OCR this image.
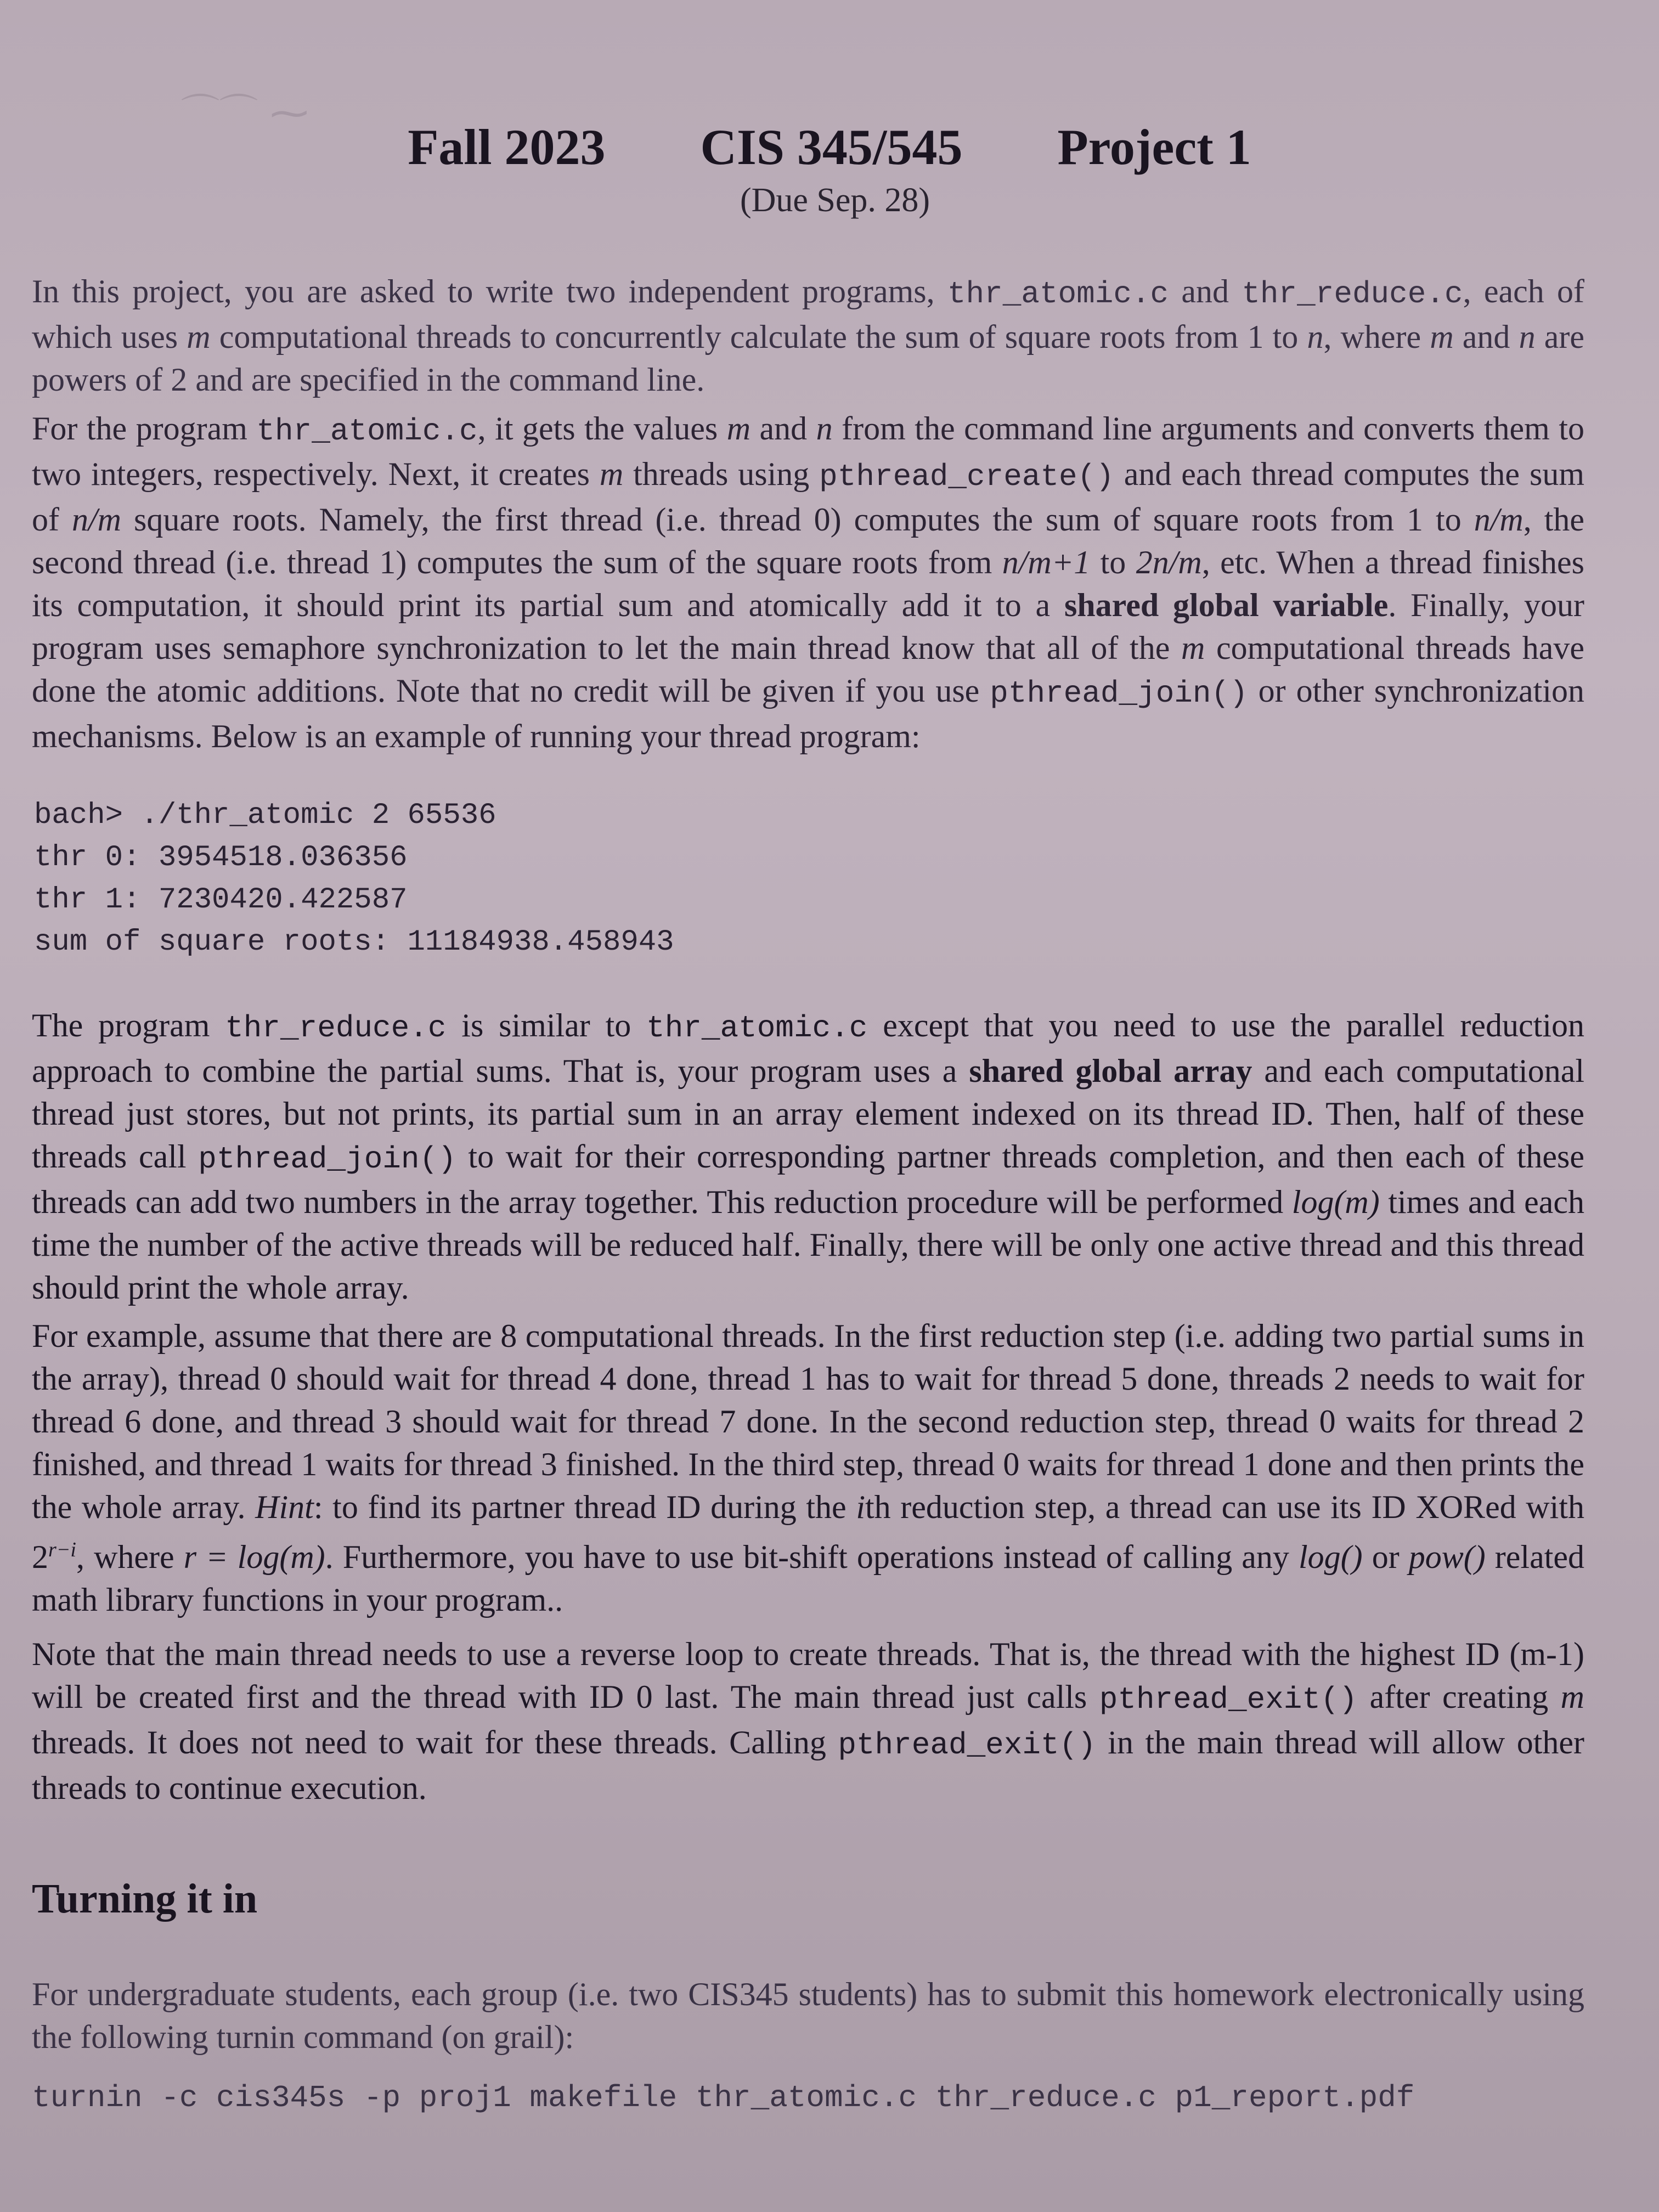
⌒⌒ ⁓
Fall 2023 CIS 345/545 Project 1
(Due Sep. 28)

In this project, you are asked to write two independent programs, thr_atomic.c and thr_reduce.c, each of which uses m computational threads to concurrently calculate the sum of square roots from 1 to n, where m and n are powers of 2 and are specified in the command line.

For the program thr_atomic.c, it gets the values m and n from the command line arguments and converts them to two integers, respectively. Next, it creates m threads using pthread_create() and each thread computes the sum of n/m square roots. Namely, the first thread (i.e. thread 0) computes the sum of square roots from 1 to n/m, the second thread (i.e. thread 1) computes the sum of the square roots from n/m+1 to 2n/m, etc. When a thread finishes its computation, it should print its partial sum and atomically add it to a shared global variable. Finally, your program uses semaphore synchronization to let the main thread know that all of the m computational threads have done the atomic additions. Note that no credit will be given if you use pthread_join() or other synchronization mechanisms. Below is an example of running your thread program:

bach> ./thr_atomic 2 65536
thr 0: 3954518.036356
thr 1: 7230420.422587
sum of square roots: 11184938.458943

The program thr_reduce.c is similar to thr_atomic.c except that you need to use the parallel reduction approach to combine the partial sums. That is, your program uses a shared global array and each computational thread just stores, but not prints, its partial sum in an array element indexed on its thread ID. Then, half of these threads call pthread_join() to wait for their corresponding partner threads completion, and then each of these threads can add two numbers in the array together. This reduction procedure will be performed log(m) times and each time the number of the active threads will be reduced half. Finally, there will be only one active thread and this thread should print the whole array.

For example, assume that there are 8 computational threads. In the first reduction step (i.e. adding two partial sums in the array), thread 0 should wait for thread 4 done, thread 1 has to wait for thread 5 done, threads 2 needs to wait for thread 6 done, and thread 3 should wait for thread 7 done. In the second reduction step, thread 0 waits for thread 2 finished, and thread 1 waits for thread 3 finished. In the third step, thread 0 waits for thread 1 done and then prints the the whole array. Hint: to find its partner thread ID during the ith reduction step, a thread can use its ID XORed with $2^{r-i}$, where r = log(m). Furthermore, you have to use bit-shift operations instead of calling any log() or pow() related math library functions in your program..

Note that the main thread needs to use a reverse loop to create threads. That is, the thread with the highest ID (m-1) will be created first and the thread with ID 0 last. The main thread just calls pthread_exit() after creating m threads. It does not need to wait for these threads. Calling pthread_exit() in the main thread will allow other threads to continue execution.

Turning it in

For undergraduate students, each group (i.e. two CIS345 students) has to submit this homework electronically using the following turnin command (on grail):

turnin -c cis345s -p proj1 makefile thr_atomic.c thr_reduce.c p1_report.pdf
